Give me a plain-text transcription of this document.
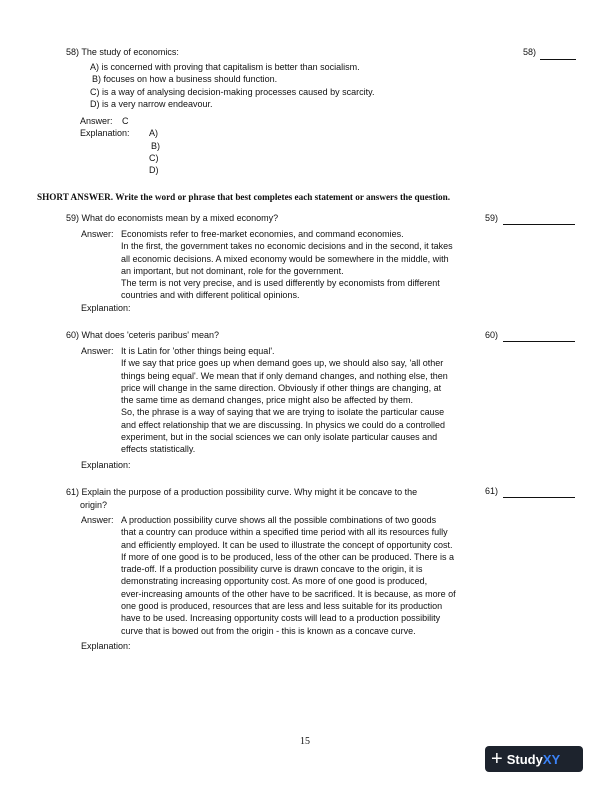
58) The study of economics:	58)
A) is concerned with proving that capitalism is better than socialism.
B) focuses on how a business should function.
C) is a way of analysing decision-making processes caused by scarcity.
D) is a very narrow endeavour.
Answer: C
Explanation: A)
B)
C)
D)
SHORT ANSWER. Write the word or phrase that best completes each statement or answers the question.
59) What do economists mean by a mixed economy?	59)
Answer: Economists refer to free-market economies, and command economies.
In the first, the government takes no economic decisions and in the second, it takes
all economic decisions. A mixed economy would be somewhere in the middle, with
an important, but not dominant, role for the government.
The term is not very precise, and is used differently by economists from different
countries and with different political opinions.
Explanation:
60) What does 'ceteris paribus' mean?	60)
Answer: It is Latin for 'other things being equal'.
If we say that price goes up when demand goes up, we should also say, 'all other
things being equal'. We mean that if only demand changes, and nothing else, then
price will change in the same direction. Obviously if other things are changing, at
the same time as demand changes, price might also be affected by them.
So, the phrase is a way of saying that we are trying to isolate the particular cause
and effect relationship that we are discussing. In physics we could do a controlled
experiment, but in the social sciences we can only isolate particular causes and
effects statistically.
Explanation:
61) Explain the purpose of a production possibility curve. Why might it be concave to the
origin?
61)
Answer: A production possibility curve shows all the possible combinations of two goods
that a country can produce within a specified time period with all its resources fully
and efficiently employed. It can be used to illustrate the concept of opportunity cost.
If more of one good is to be produced, less of the other can be produced. There is a
trade-off. If a production possibility curve is drawn concave to the origin, it is
demonstrating increasing opportunity cost. As more of one good is produced,
ever-increasing amounts of the other have to be sacrificed. It is because, as more of
one good is produced, resources that are less and less suitable for its production
have to be used. Increasing opportunity costs will lead to a production possibility
curve that is bowed out from the origin - this is known as a concave curve.
Explanation:
15
+ Study XY
